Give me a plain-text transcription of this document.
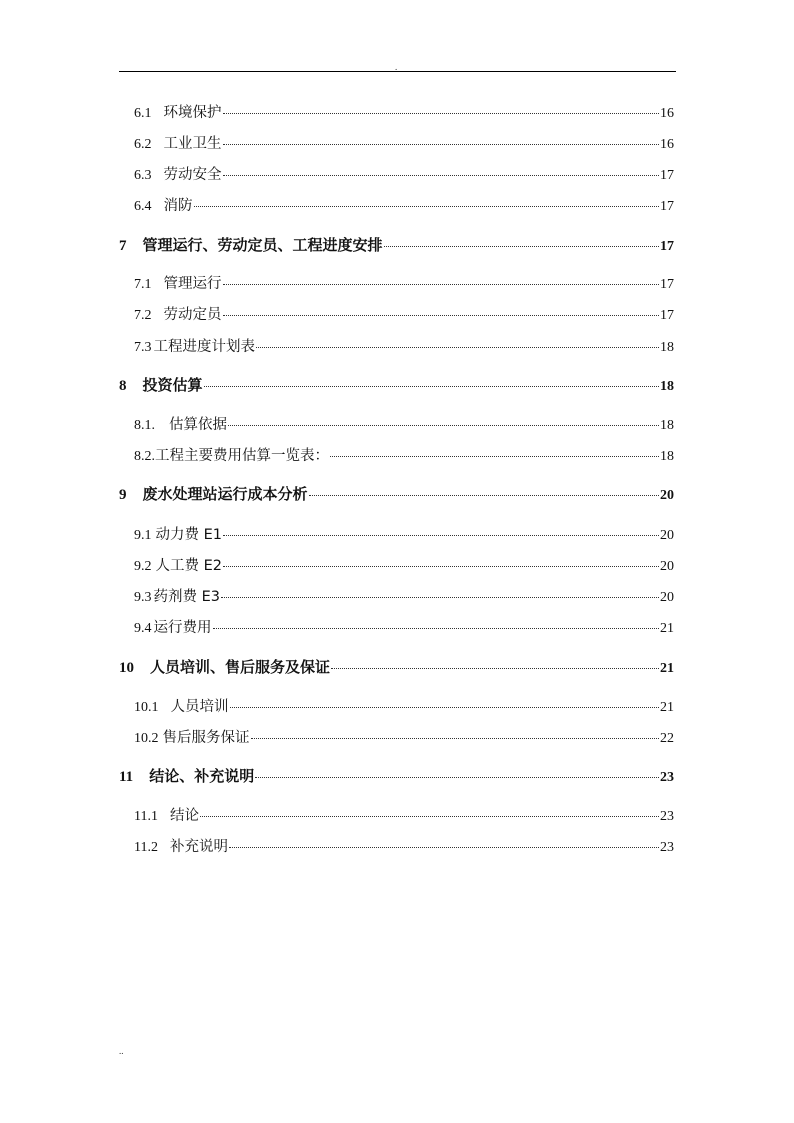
.
6.1 环境保护	16
6.2 工业卫生	16
6.3 劳动安全	17
6.4 消防	17
7 管理运行、劳动定员、工程进度安排	17
7.1 管理运行	17
7.2 劳动定员	17
7.3 工程进度计划表	18
8 投资估算	18
8.1. 估算依据	18
8.2. 工程主要费用估算一览表：	18
9 废水处理站运行成本分析	20
9.1 动力费 E1	20
9.2 人工费 E2	20
9.3 药剂费 E3	20
9.4 运行费用	21
10 人员培训、售后服务及保证	21
10.1 人员培训	21
10.2 售后服务保证	22
11 结论、补充说明	23
11.1 结论	23
11.2 补充说明	23
..
